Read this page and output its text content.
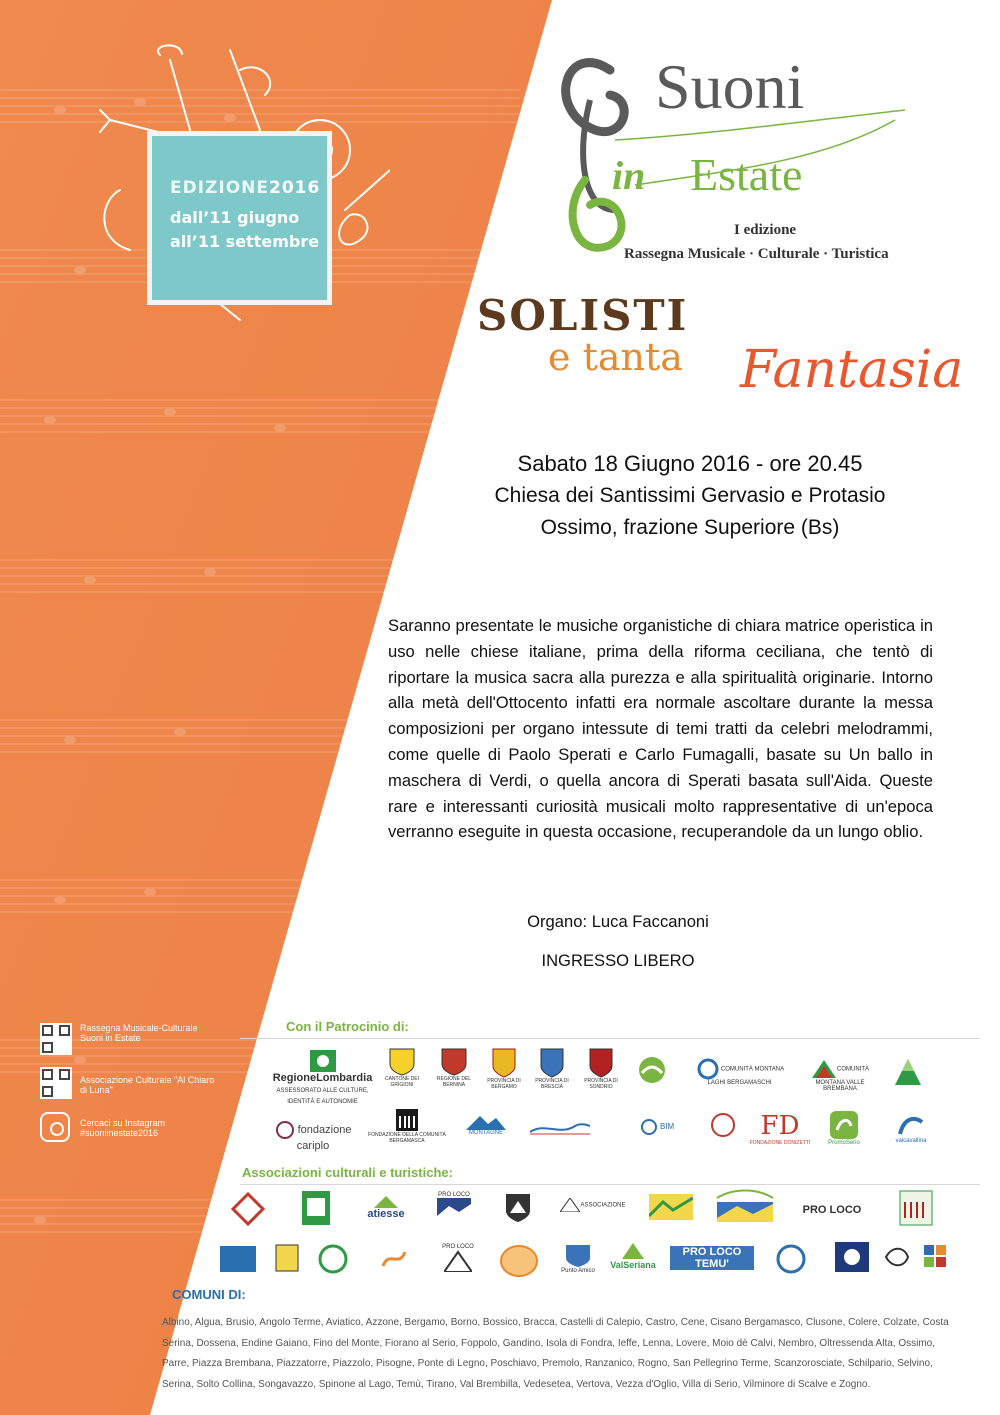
EDIZIONE2016
dall’11 giugno
all’11 settembre
Suoni
in Estate
I edizione
Rassegna Musicale · Culturale · Turistica
SOLISTI
e tanta Fantasia
Sabato 18 Giugno 2016 - ore 20.45
Chiesa dei Santissimi Gervasio e Protasio
Ossimo, frazione Superiore (Bs)
Saranno presentate le musiche organistiche di chiara matrice operistica in uso nelle chiese italiane, prima della riforma ceciliana, che tentò di riportare la musica sacra alla purezza e alla spiritualità originarie. Intorno alla metà dell'Ottocento infatti era normale ascoltare durante la messa composizioni per organo intessute di temi tratti da celebri melodrammi, come quelle di Paolo Sperati e Carlo Fumagalli, basate su Un ballo in maschera di Verdi, o quella ancora di Sperati basata sull'Aida. Queste rare e interessanti curiosità musicali molto rappresentative di un'epoca verranno eseguite in questa occasione, recuperandole da un lungo oblio.
Organo: Luca Faccanoni
INGRESSO LIBERO
Rassegna Musicale-Culturale Suoni in Estate
Associazione Culturale "Al Chiaro di Luna"
Cercaci su Instagram #suoniinestate2016
Con il Patrocinio di:
RegioneLombardia
ASSESSORATO ALLE CULTURE, IDENTITÀ E AUTONOMIE
CANTONE DEI GRIGIONI
REGIONE DEL BERNINA
PROVINCIA DI BERGAMO
PROVINCIA DI BRESCIA
PROVINCIA DI SONDRIO
COMUNITÀ MONTANA LAGHI BERGAMASCHI
COMUNITÀ MONTANA VALLE BREMBANA
fondazione cariplo
FONDAZIONE DELLA COMUNITÀ BERGAMASCA
MONTAGNE
BIM	FD
FONDAZIONE DONIZETTI	PromoSerio	valcavallina
Associazioni culturali e turistiche:
atiesse
PRO LOCO
ASSOCIAZIONE	PRO LOCO
PRO LOCO
Punto Amico
ValSeriana
PRO LOCO TEMU'
COMUNI DI:
Albino, Algua, Brusio, Angolo Terme, Aviatico, Azzone, Bergamo, Borno, Bossico, Bracca, Castelli di Calepio, Castro, Cene, Cisano Bergamasco, Clusone, Colere, Colzate, Costa Serina, Dossena, Endine Gaiano, Fino del Monte, Fiorano al Serio, Foppolo, Gandino, Isola di Fondra, Ieffe, Lenna, Lovere, Moio dè Calvi, Nembro, Oltressenda Alta, Ossimo, Parre, Piazza Brembana, Piazzatorre, Piazzolo, Pisogne, Ponte di Legno, Poschiavo, Premolo, Ranzanico, Rogno, San Pellegrino Terme, Scanzorosciate, Schilpario, Selvino, Serina, Solto Collina, Songavazzo, Spinone al Lago, Temù, Tirano, Val Brembilla, Vedesetea, Vertova, Vezza d'Oglio, Villa di Serio, Vilminore di Scalve e Zogno.
